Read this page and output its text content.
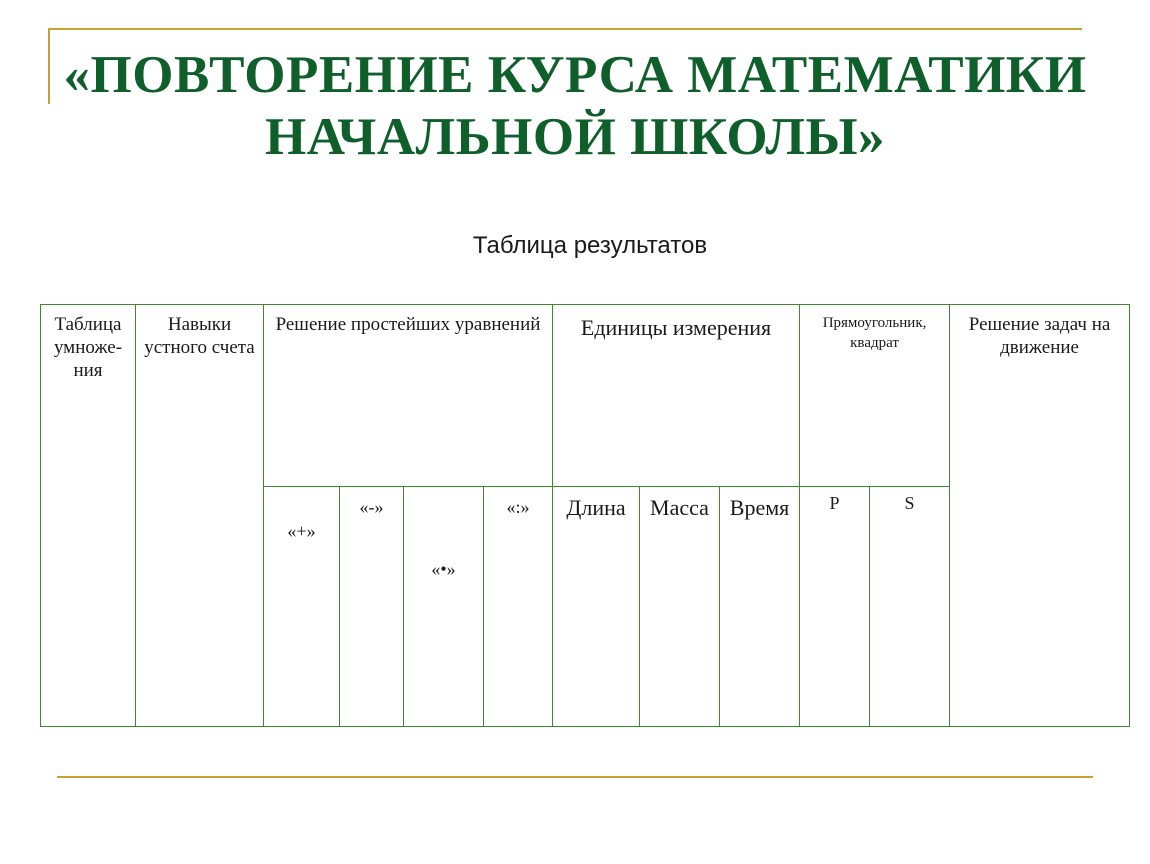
«ПОВТОРЕНИЕ КУРСА МАТЕМАТИКИ
НАЧАЛЬНОЙ ШКОЛЫ»
Таблица результатов
Таблица умноже-ния	Навыки устного счета	Решение простейших уравнений				Единицы измерения			Прямоугольник, квадрат		Решение задач на движение
		«+»	«-»	«•»	«:»	Длина	Масса	Время	P	S	
